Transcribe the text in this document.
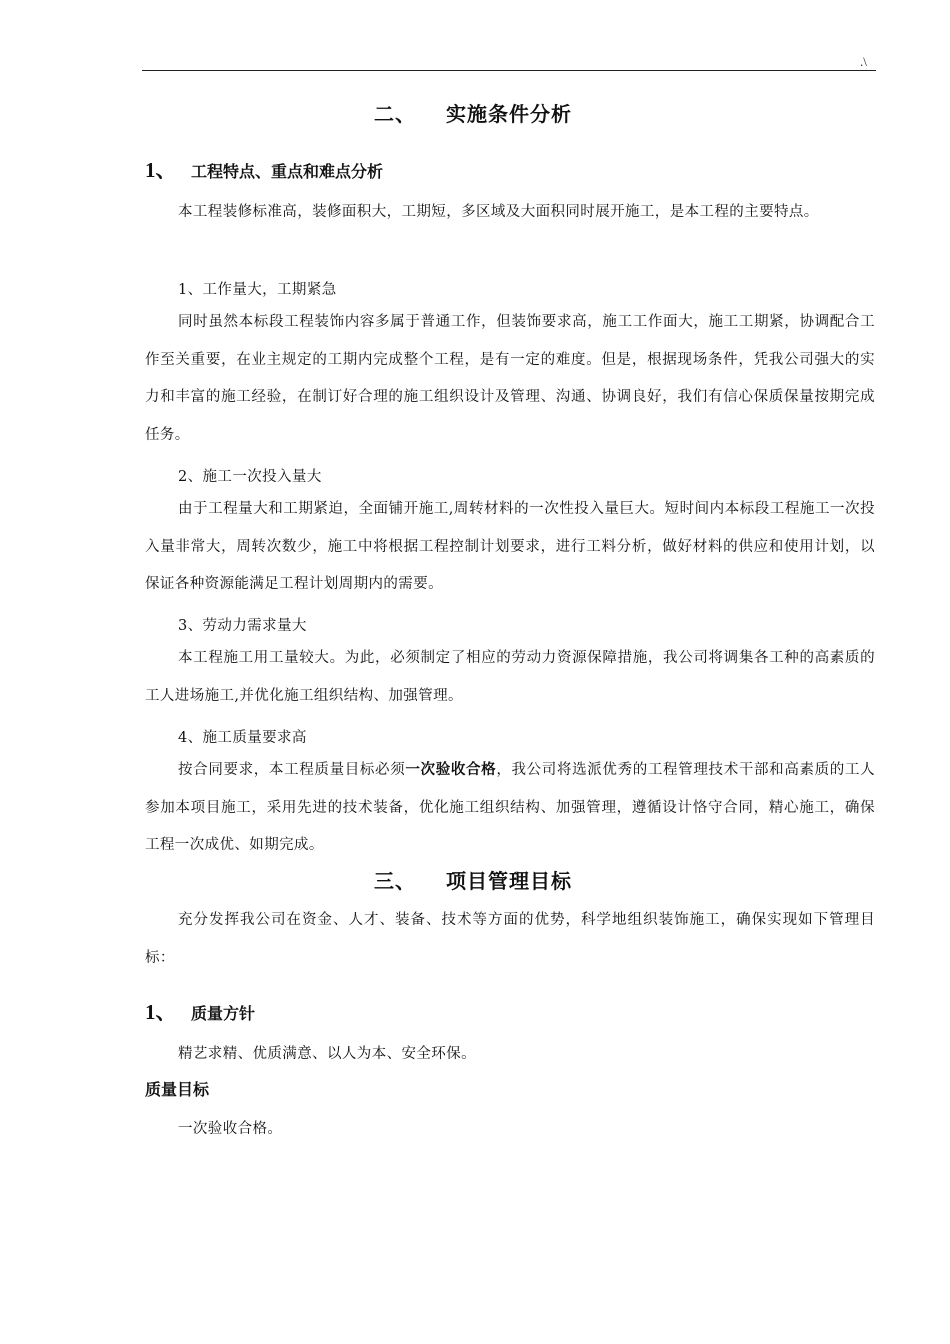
.\
二、 实施条件分析
1、 工程特点、重点和难点分析

本工程装修标准高，装修面积大，工期短，多区域及大面积同时展开施工，是本工程的主要特点。

1、工作量大，工期紧急

同时虽然本标段工程装饰内容多属于普通工作，但装饰要求高，施工工作面大，施工工期紧，协调配合工作至关重要，在业主规定的工期内完成整个工程，是有一定的难度。但是，根据现场条件，凭我公司强大的实力和丰富的施工经验，在制订好合理的施工组织设计及管理、沟通、协调良好，我们有信心保质保量按期完成任务。

2、施工一次投入量大

由于工程量大和工期紧迫，全面铺开施工,周转材料的一次性投入量巨大。短时间内本标段工程施工一次投入量非常大，周转次数少，施工中将根据工程控制计划要求，进行工料分析，做好材料的供应和使用计划，以保证各种资源能满足工程计划周期内的需要。

3、劳动力需求量大

本工程施工用工量较大。为此，必须制定了相应的劳动力资源保障措施，我公司将调集各工种的高素质的工人进场施工,并优化施工组织结构、加强管理。

4、施工质量要求高

按合同要求，本工程质量目标必须一次验收合格，我公司将选派优秀的工程管理技术干部和高素质的工人参加本项目施工，采用先进的技术装备，优化施工组织结构、加强管理，遵循设计恪守合同，精心施工，确保工程一次成优、如期完成。

三、 项目管理目标

充分发挥我公司在资金、人才、装备、技术等方面的优势，科学地组织装饰施工，确保实现如下管理目标：

1、 质量方针
精艺求精、优质满意、以人为本、安全环保。
质量目标
一次验收合格。
